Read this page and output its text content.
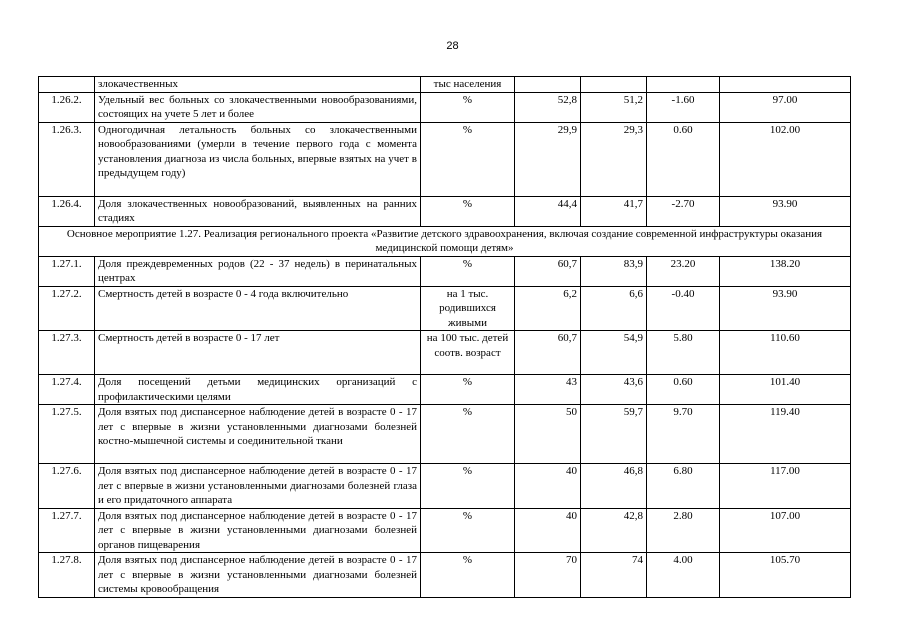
28
	злокачественных	тыс населения				
1.26.2.	Удельный вес больных со злокачественными новообразованиями, состоящих на учете 5 лет и более	%	52,8	51,2	-1.60	97.00
1.26.3.	Одногодичная летальность больных со злокачественными новообразованиями (умерли в течение первого года с момента установления диагноза из числа больных, впервые взятых на учет в предыдущем году)	%	29,9	29,3	0.60	102.00
1.26.4.	Доля злокачественных новообразований, выявленных на ранних стадиях	%	44,4	41,7	-2.70	93.90
Основное мероприятие 1.27. Реализация регионального проекта «Развитие детского здравоохранения, включая создание современной инфраструктуры оказания медицинской помощи детям»						
1.27.1.	Доля преждевременных родов (22 - 37 недель) в перинатальных центрах	%	60,7	83,9	23.20	138.20
1.27.2.	Смертность детей в возрасте 0 - 4 года включительно	на 1 тыс. родившихся живыми	6,2	6,6	-0.40	93.90
1.27.3.	Смертность детей в возрасте 0 - 17 лет	на 100 тыс. детей соотв. возраст	60,7	54,9	5.80	110.60
1.27.4.	Доля посещений детьми медицинских организаций с профилактическими целями	%	43	43,6	0.60	101.40
1.27.5.	Доля взятых под диспансерное наблюдение детей в возрасте 0 - 17 лет с впервые в жизни установленными диагнозами болезней костно-мышечной системы и соединительной ткани	%	50	59,7	9.70	119.40
1.27.6.	Доля взятых под диспансерное наблюдение детей в возрасте 0 - 17 лет с впервые в жизни установленными диагнозами болезней глаза и его придаточного аппарата	%	40	46,8	6.80	117.00
1.27.7.	Доля взятых под диспансерное наблюдение детей в возрасте 0 - 17 лет с впервые в жизни установленными диагнозами болезней органов пищеварения	%	40	42,8	2.80	107.00
1.27.8.	Доля взятых под диспансерное наблюдение детей в возрасте 0 - 17 лет с впервые в жизни установленными диагнозами болезней системы кровообращения	%	70	74	4.00	105.70
